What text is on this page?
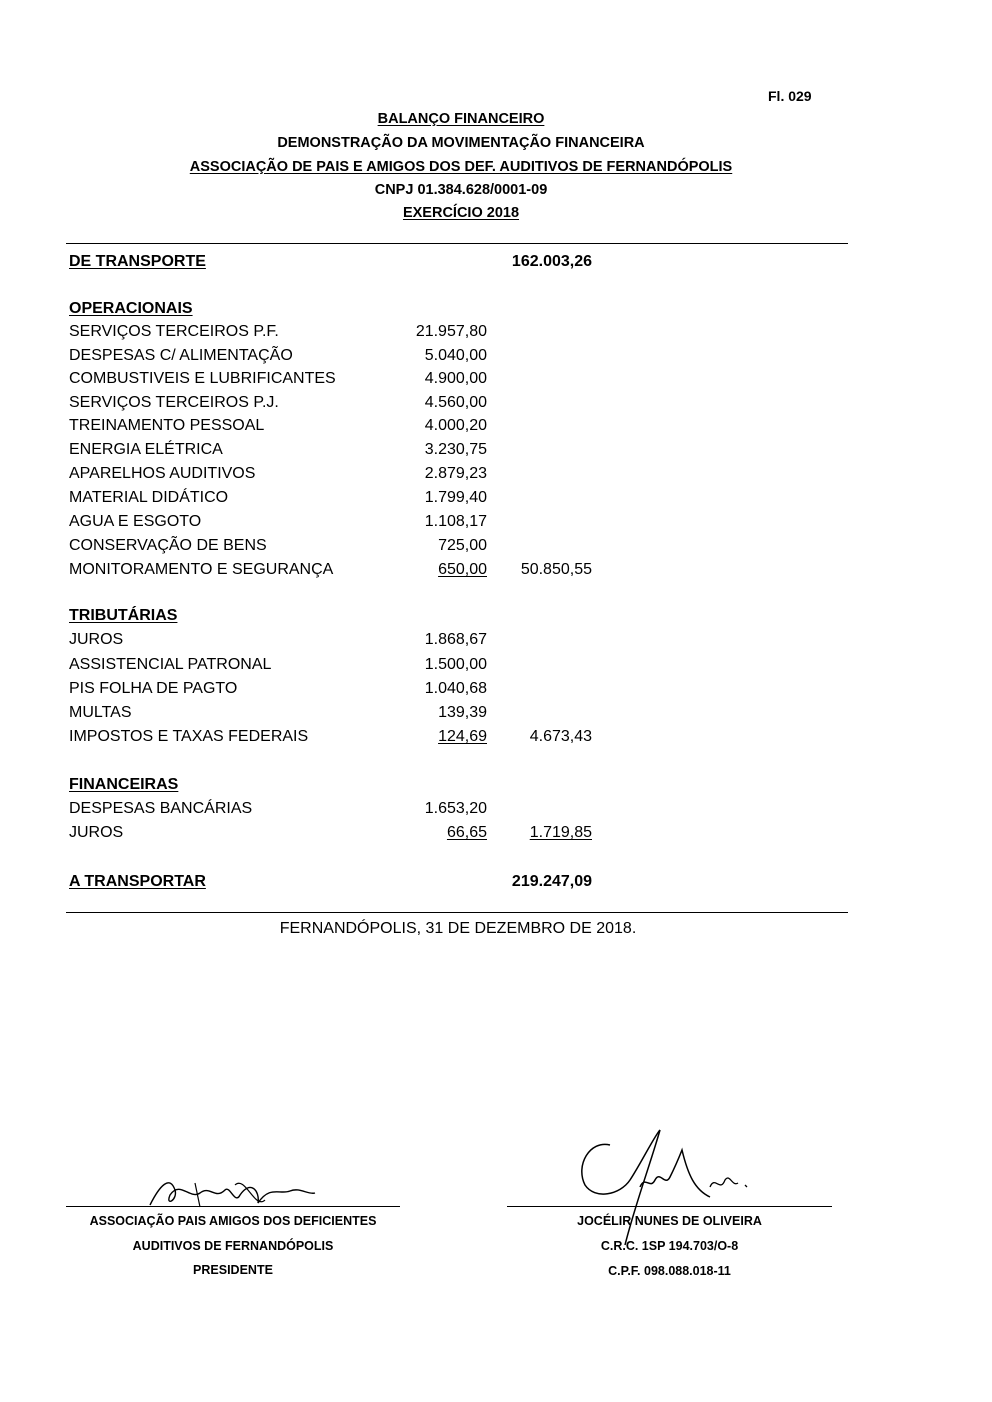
Fl. 029
BALANÇO FINANCEIRO
DEMONSTRAÇÃO DA MOVIMENTAÇÃO FINANCEIRA
ASSOCIAÇÃO DE PAIS E AMIGOS DOS DEF. AUDITIVOS DE FERNANDÓPOLIS
CNPJ 01.384.628/0001-09
EXERCÍCIO 2018
DE TRANSPORTE	162.003,26
OPERACIONAIS
SERVIÇOS TERCEIROS P.F.	21.957,80
DESPESAS C/ ALIMENTAÇÃO	5.040,00
COMBUSTIVEIS E LUBRIFICANTES	4.900,00
SERVIÇOS TERCEIROS P.J.	4.560,00
TREINAMENTO PESSOAL	4.000,20
ENERGIA ELÉTRICA	3.230,75
APARELHOS AUDITIVOS	2.879,23
MATERIAL DIDÁTICO	1.799,40
AGUA E ESGOTO	1.108,17
CONSERVAÇÃO DE BENS	725,00
MONITORAMENTO E SEGURANÇA	650,00 50.850,55
TRIBUTÁRIAS
JUROS	1.868,67
ASSISTENCIAL PATRONAL	1.500,00
PIS FOLHA DE PAGTO	1.040,68
MULTAS	139,39
IMPOSTOS E TAXAS FEDERAIS	124,69	4.673,43
FINANCEIRAS
DESPESAS BANCÁRIAS	1.653,20
JUROS	66,65	1.719,85
A TRANSPORTAR	219.247,09
FERNANDÓPOLIS, 31 DE DEZEMBRO DE 2018.
ASSOCIAÇÃO PAIS AMIGOS DOS DEFICIENTES
AUDITIVOS DE FERNANDÓPOLIS
PRESIDENTE
JOCÉLIR NUNES DE OLIVEIRA
C.R.C. 1SP 194.703/O-8
C.P.F. 098.088.018-11
